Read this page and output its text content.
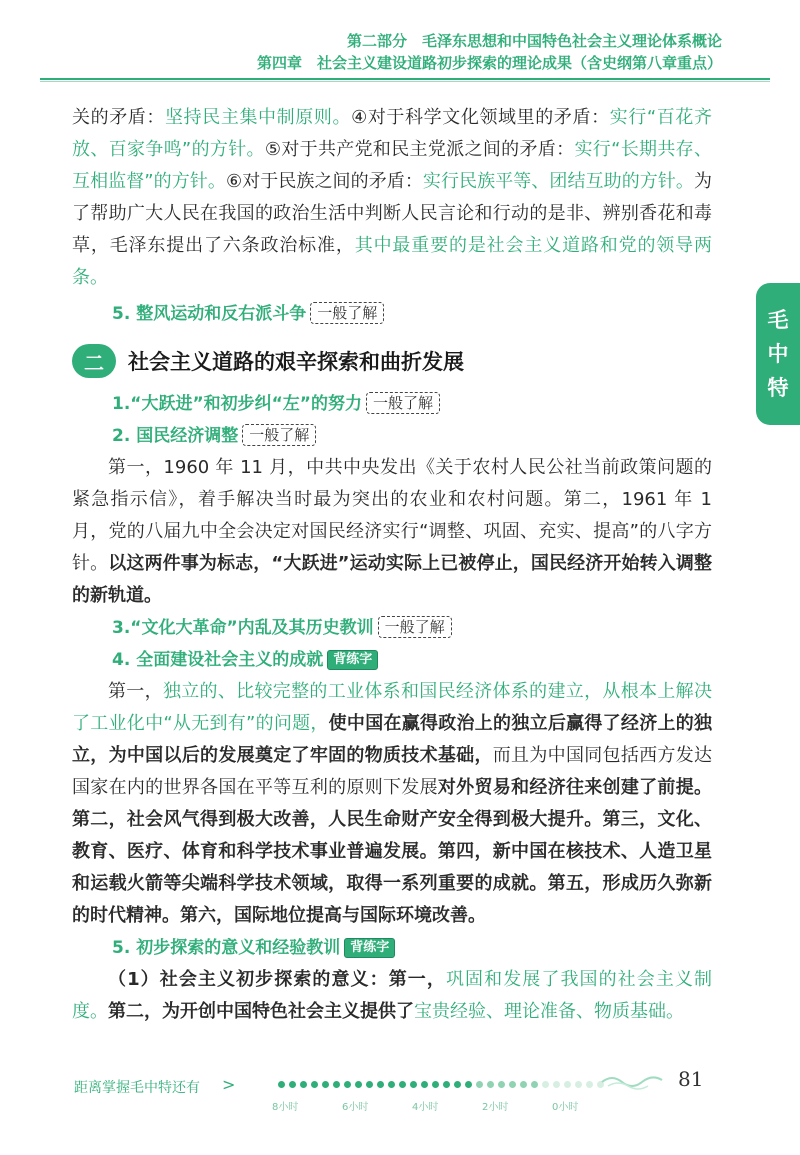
第二部分　毛泽东思想和中国特色社会主义理论体系概论
第四章　社会主义建设道路初步探索的理论成果（含史纲第八章重点）
毛
中
特

关的矛盾：坚持民主集中制原则。④对于科学文化领域里的矛盾：实行“百花齐放、百家争鸣”的方针。⑤对于共产党和民主党派之间的矛盾：实行“长期共存、互相监督”的方针。⑥对于民族之间的矛盾：实行民族平等、团结互助的方针。为了帮助广大人民在我国的政治生活中判断人民言论和行动的是非、辨别香花和毒草，毛泽东提出了六条政治标准，其中最重要的是社会主义道路和党的领导两条。

5. 整风运动和反右派斗争 一般了解

二	社会主义道路的艰辛探索和曲折发展

1.“大跃进”和初步纠“左”的努力 一般了解

2. 国民经济调整 一般了解

第一，1960 年 11 月，中共中央发出《关于农村人民公社当前政策问题的紧急指示信》，着手解决当时最为突出的农业和农村问题。第二，1961 年 1 月，党的八届九中全会决定对国民经济实行“调整、巩固、充实、提高”的八字方针。以这两件事为标志，“大跃进”运动实际上已被停止，国民经济开始转入调整的新轨道。

3.“文化大革命”内乱及其历史教训 一般了解

4. 全面建设社会主义的成就 背练字

第一，独立的、比较完整的工业体系和国民经济体系的建立，从根本上解决了工业化中“从无到有”的问题，使中国在赢得政治上的独立后赢得了经济上的独立，为中国以后的发展奠定了牢固的物质技术基础，而且为中国同包括西方发达国家在内的世界各国在平等互利的原则下发展对外贸易和经济往来创建了前提。第二，社会风气得到极大改善，人民生命财产安全得到极大提升。第三，文化、教育、医疗、体育和科学技术事业普遍发展。第四，新中国在核技术、人造卫星和运载火箭等尖端科学技术领域，取得一系列重要的成就。第五，形成历久弥新的时代精神。第六，国际地位提高与国际环境改善。

5. 初步探索的意义和经验教训 背练字

（1）社会主义初步探索的意义：第一，巩固和发展了我国的社会主义制度。第二，为开创中国特色社会主义提供了宝贵经验、理论准备、物质基础。

距离掌握毛中特还有 >
8小时	6小时	4小时	2小时	0小时
81
